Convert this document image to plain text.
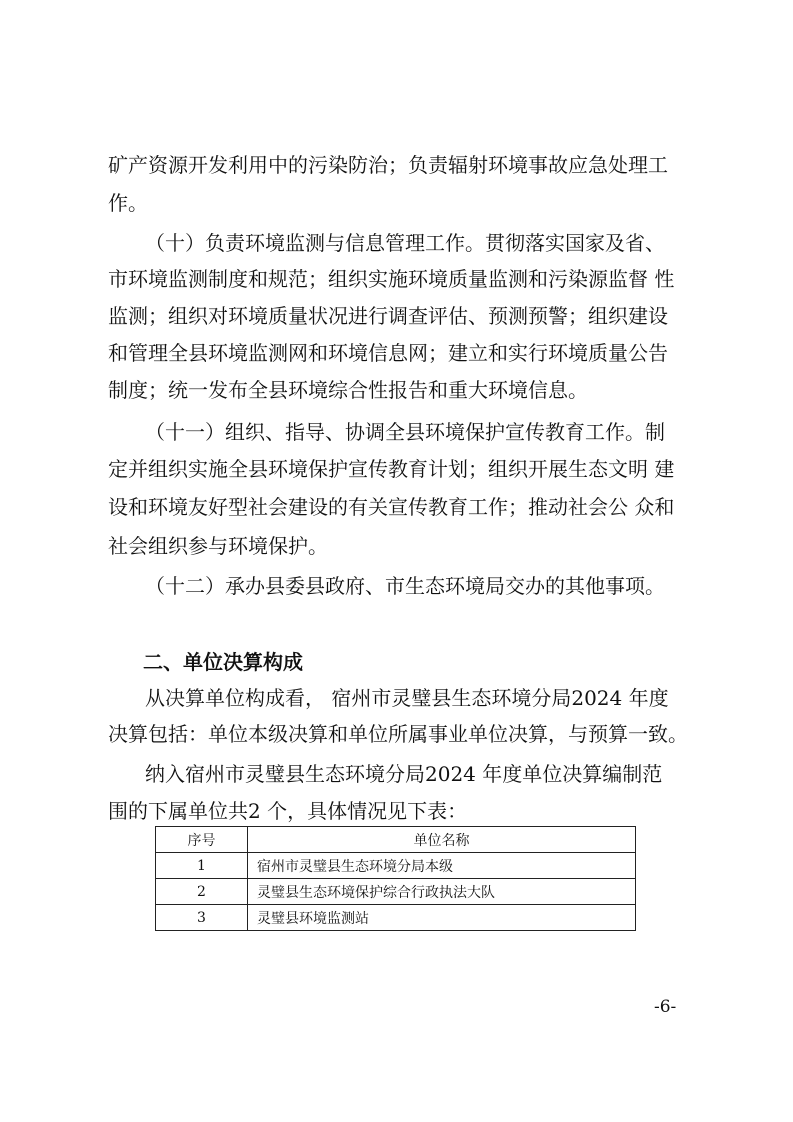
矿产资源开发利用中的污染防治；负责辐射环境事故应急处理工
作。
（十）负责环境监测与信息管理工作。贯彻落实国家及省、
市环境监测制度和规范；组织实施环境质量监测和污染源监督 性
监测；组织对环境质量状况进行调查评估、预测预警；组织建设
和管理全县环境监测网和环境信息网；建立和实行环境质量公告
制度；统一发布全县环境综合性报告和重大环境信息。
（十一）组织、指导、协调全县环境保护宣传教育工作。制
定并组织实施全县环境保护宣传教育计划；组织开展生态文明 建
设和环境友好型社会建设的有关宣传教育工作；推动社会公 众和
社会组织参与环境保护。
（十二）承办县委县政府、市生态环境局交办的其他事项。
二、单位决算构成
从决算单位构成看， 宿州市灵璧县生态环境分局2024 年度
决算包括：单位本级决算和单位所属事业单位决算，与预算一致。
纳入宿州市灵璧县生态环境分局2024 年度单位决算编制范
围的下属单位共2 个，具体情况见下表：
序号	单位名称
1	宿州市灵璧县生态环境分局本级
2	灵璧县生态环境保护综合行政执法大队
3	灵璧县环境监测站
-6-
